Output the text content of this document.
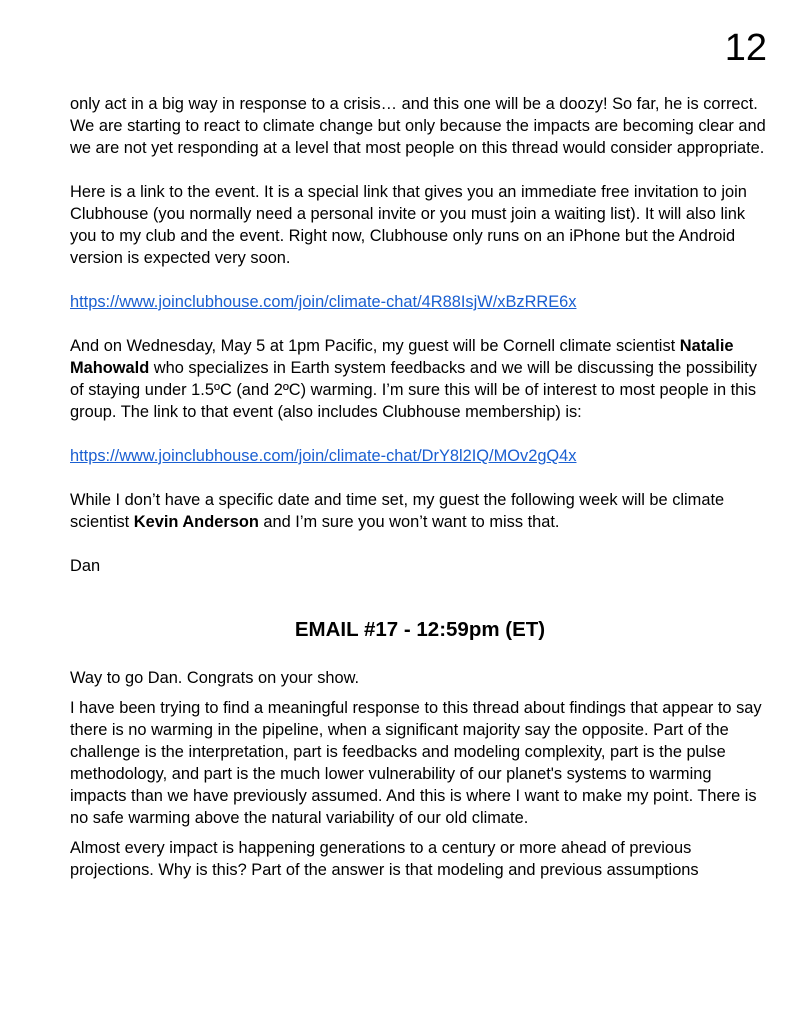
12

only act in a big way in response to a crisis… and this one will be a doozy! So far, he is correct. We are starting to react to climate change but only because the impacts are becoming clear and we are not yet responding at a level that most people on this thread would consider appropriate.

Here is a link to the event. It is a special link that gives you an immediate free invitation to join Clubhouse (you normally need a personal invite or you must join a waiting list). It will also link you to my club and the event. Right now, Clubhouse only runs on an iPhone but the Android version is expected very soon.

https://www.joinclubhouse.com/join/climate-chat/4R88IsjW/xBzRRE6x

And on Wednesday, May 5 at 1pm Pacific, my guest will be Cornell climate scientist Natalie Mahowald who specializes in Earth system feedbacks and we will be discussing the possibility of staying under 1.5ºC (and 2ºC) warming. I’m sure this will be of interest to most people in this group. The link to that event (also includes Clubhouse membership) is:

https://www.joinclubhouse.com/join/climate-chat/DrY8l2IQ/MOv2gQ4x

While I don’t have a specific date and time set, my guest the following week will be climate scientist Kevin Anderson and I’m sure you won’t want to miss that.

Dan

EMAIL #17 - 12:59pm (ET)

Way to go Dan. Congrats on your show.

I have been trying to find a meaningful response to this thread about findings that appear to say there is no warming in the pipeline, when a significant majority say the opposite. Part of the challenge is the interpretation, part is feedbacks and modeling complexity, part is the pulse methodology, and part is the much lower vulnerability of our planet's systems to warming impacts than we have previously assumed. And this is where I want to make my point. There is no safe warming above the natural variability of our old climate.

Almost every impact is happening generations to a century or more ahead of previous projections. Why is this? Part of the answer is that modeling and previous assumptions
